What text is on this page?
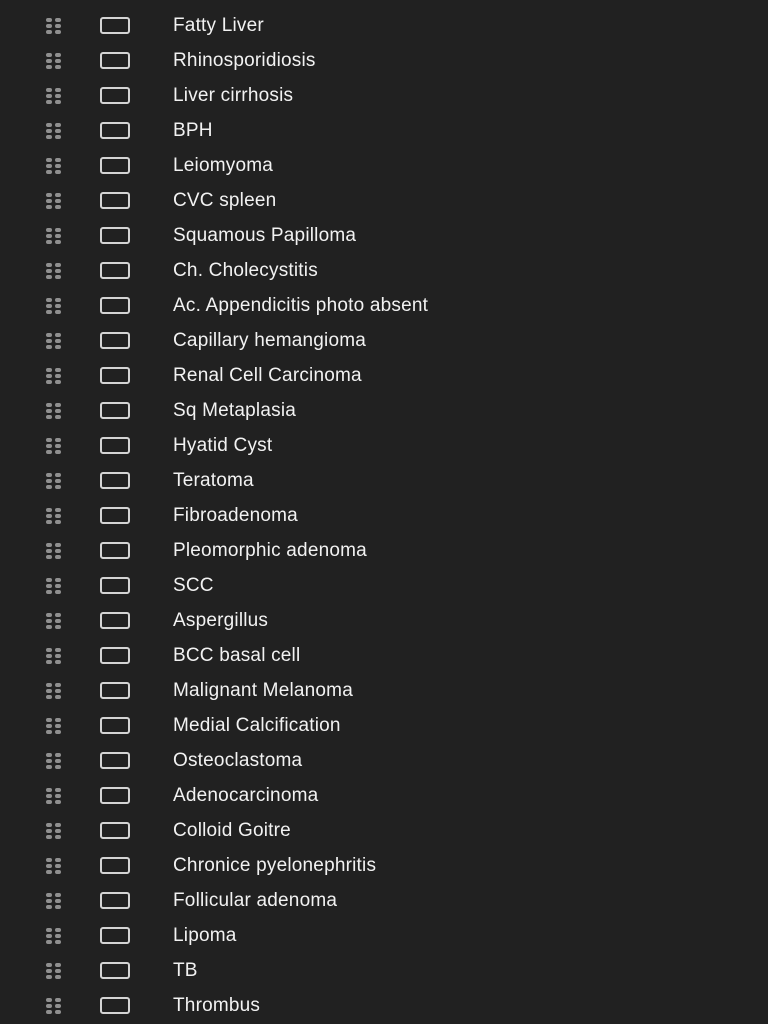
Fatty Liver
Rhinosporidiosis
Liver cirrhosis
BPH
Leiomyoma
CVC spleen
Squamous Papilloma
Ch. Cholecystitis
Ac. Appendicitis photo absent
Capillary hemangioma
Renal Cell Carcinoma
Sq Metaplasia
Hyatid Cyst
Teratoma
Fibroadenoma
Pleomorphic adenoma
SCC
Aspergillus
BCC basal cell
Malignant Melanoma
Medial Calcification
Osteoclastoma
Adenocarcinoma
Colloid Goitre
Chronice pyelonephritis
Follicular adenoma
Lipoma
TB
Thrombus
